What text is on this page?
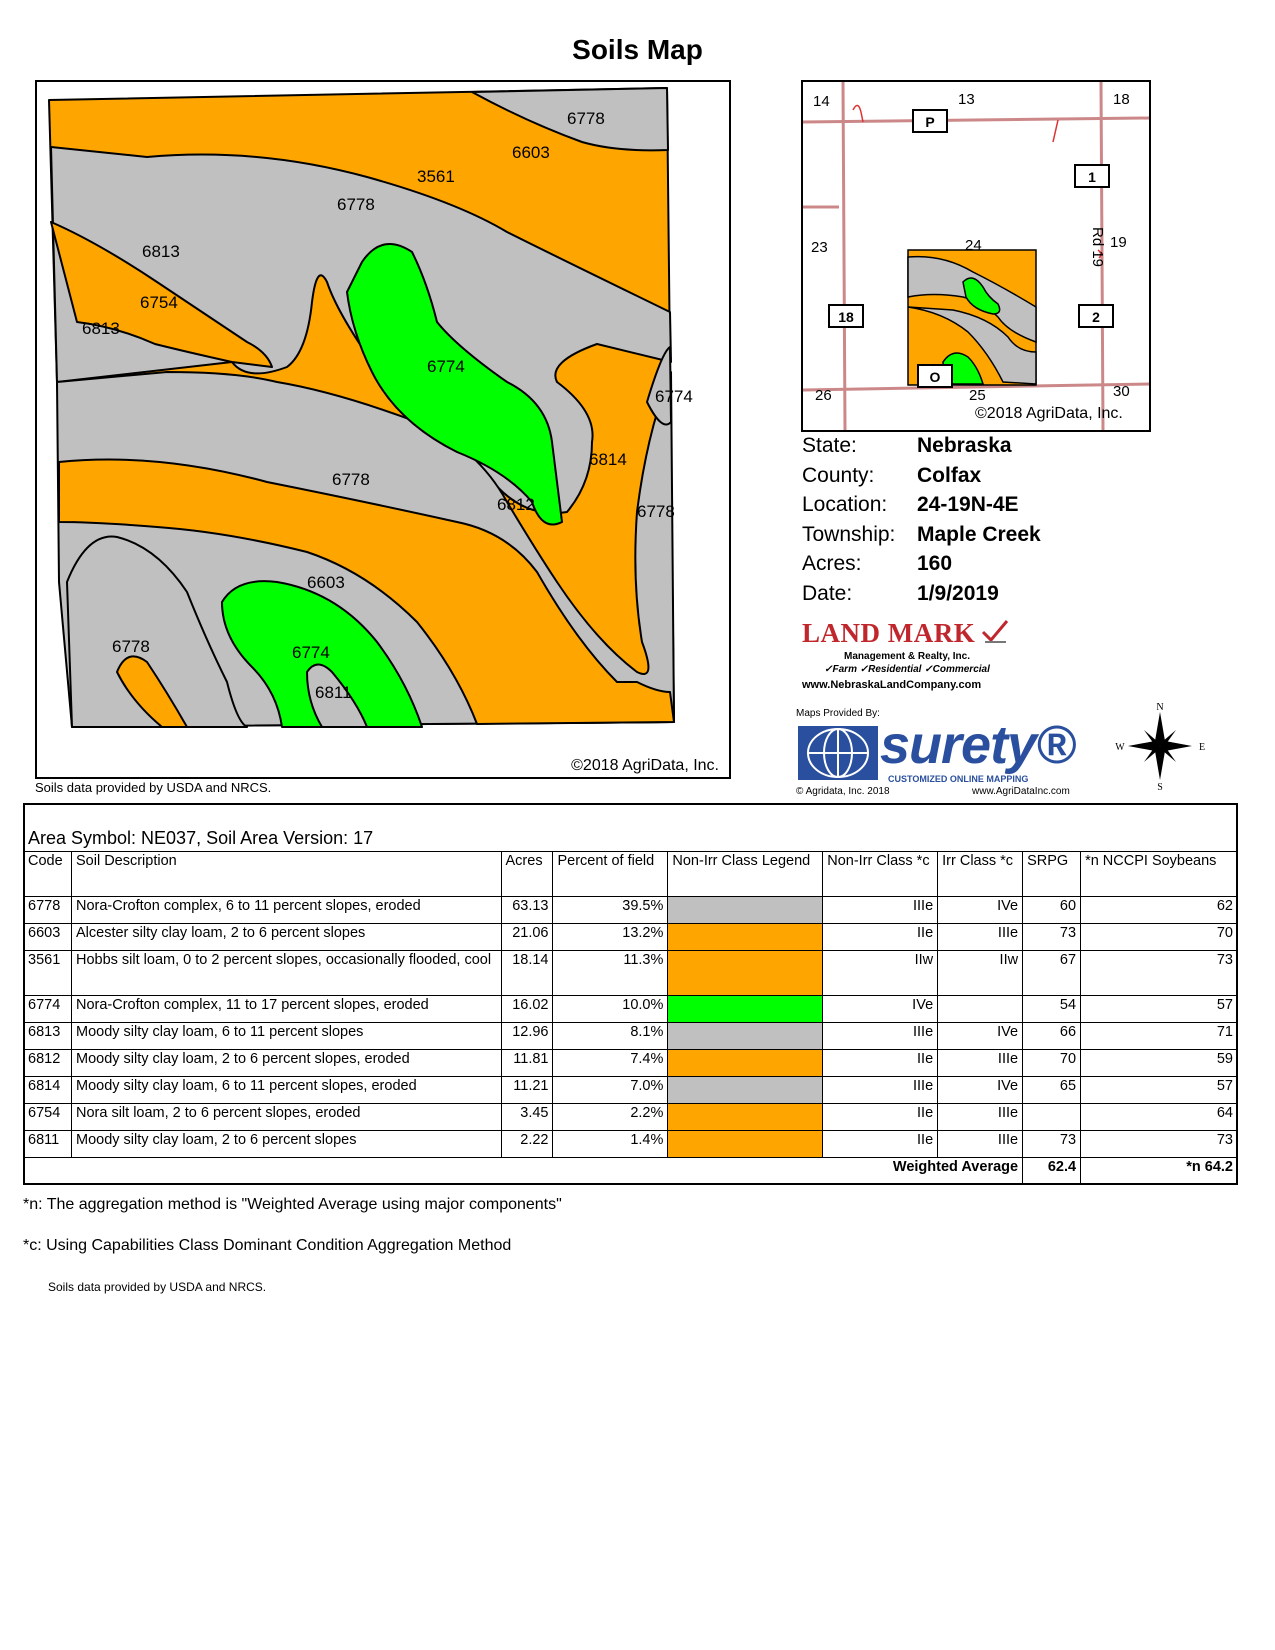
Soils Map
6778
6603
3561
6778
6813
6754
6813
6774
6774
6814
6778
6812
6778
6603
6778	6774
6811
©2018 AgriData, Inc.
Soils data provided by USDA and NRCS.
14	13	18
23	24	19
26	25	30
Rd 19
P
1
18	2
O
©2018 AgriData, Inc.
State:	Nebraska
County:	Colfax
Location:	24-19N-4E
Township:	Maple Creek
Acres:	160
Date:	1/9/2019
LAND MARK
Management & Realty, Inc.
✓Farm ✓Residential ✓Commercial
www.NebraskaLandCompany.com
Maps Provided By:
surety®
CUSTOMIZED ONLINE MAPPING
© Agridata, Inc. 2018	www.AgriDataInc.com
N
S
W	E
Area Symbol: NE037, Soil Area Version: 17
Code	Soil Description	Acres	Percent of field	Non-Irr Class Legend	Non-Irr Class *c	Irr Class *c	SRPG	*n NCCPI Soybeans
6778	Nora-Crofton complex, 6 to 11 percent slopes, eroded	63.13	39.5%		IIIe	IVe	60	62
6603	Alcester silty clay loam, 2 to 6 percent slopes	21.06	13.2%		IIe	IIIe	73	70
3561	Hobbs silt loam, 0 to 2 percent slopes, occasionally flooded, cool	18.14	11.3%		IIw	IIw	67	73
6774	Nora-Crofton complex, 11 to 17 percent slopes, eroded	16.02	10.0%		IVe		54	57
6813	Moody silty clay loam, 6 to 11 percent slopes	12.96	8.1%		IIIe	IVe	66	71
6812	Moody silty clay loam, 2 to 6 percent slopes, eroded	11.81	7.4%		IIe	IIIe	70	59
6814	Moody silty clay loam, 6 to 11 percent slopes, eroded	11.21	7.0%		IIIe	IVe	65	57
6754	Nora silt loam, 2 to 6 percent slopes, eroded	3.45	2.2%		IIe	IIIe		64
6811	Moody silty clay loam, 2 to 6 percent slopes	2.22	1.4%		IIe	IIIe	73	73
Weighted Average							62.4	*n 64.2
*n: The aggregation method is "Weighted Average using major components"
*c: Using Capabilities Class Dominant Condition Aggregation Method
Soils data provided by USDA and NRCS.
